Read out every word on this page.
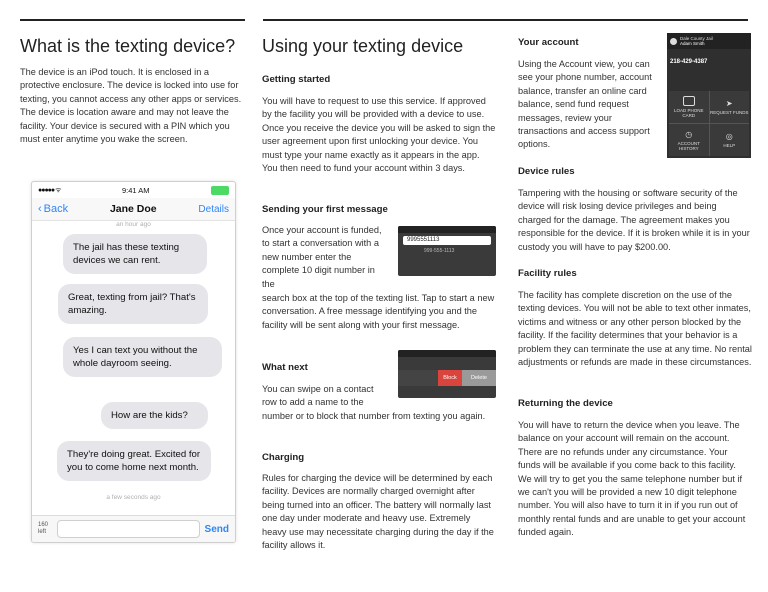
What is the texting device?
The device is an iPod touch. It is enclosed in a protective enclosure. The device is locked into use for texting, you cannot access any other apps or services. The device is location aware and may not leave the facility. Your device is secured with a PIN which you must enter anytime you wake the screen.
●●●●● ᯤ	9:41 AM
‹ Back	Jane Doe	Details
an hour ago
The jail has these texting devices we can rent.
Great, texting from jail? That's amazing.
Yes I can text you without the whole dayroom seeing.
How are the kids?
They're doing great. Excited for you to come home next month.
a few seconds ago
160 left	Send
Using your texting device
Getting started
You will have to request to use this service. If approved by the facility you will be provided with a device to use. Once you receive the device you will be asked to sign the user agreement upon first unlocking your device. You must type your name exactly as it appears in the app. You then need to fund your account within 3 days.
Sending your first message
Once your account is funded, to start a conversation with a new number enter the complete 10 digit number in the
9995551113
999-555-1113
search box at the top of the texting list. Tap to start a new conversation. A free message identifying you and the facility will be sent along with your first message.
What next
You can swipe on a contact row to add a name to the
Block	Delete
number or to block that number from texting you again.
Charging
Rules for charging the device will be determined by each facility. Devices are normally charged overnight after being turned into an officer. The battery will normally last one day under moderate and heavy use. Extremely heavy use may necessitate charging during the day if the facility allows it.
Your account
Using the Account view, you can see your phone number, account balance, transfer an online card balance, send fund request messages, review your transactions and access support options.
Dale County Jail
Adam Smith
218-429-4387
LOAD PHONE CARD
➤
REQUEST FUNDS
◷
ACCOUNT HISTORY
◎
HELP
Device rules
Tampering with the housing or software security of the device will risk losing device privileges and being charged for the damage. The agreement makes you responsible for the device. If it is broken while it is in your custody you will have to pay $200.00.
Facility rules
The facility has complete discretion on the use of the texting devices. You will not be able to text other inmates, victims and witness or any other person blocked by the facility. If the facility determines that your behavior is a problem they can terminate the use at any time. No rental adjustments or refunds are made in these circumstances.
Returning the device
You will have to return the device when you leave. The balance on your account will remain on the account. There are no refunds under any circumstance. Your funds will be available if you come back to this facility. We will try to get you the same telephone number but if we can't you will be provided a new 10 digit telephone number. You will also have to turn it in if you run out of monthly rental funds and are unable to get your account funded again.
